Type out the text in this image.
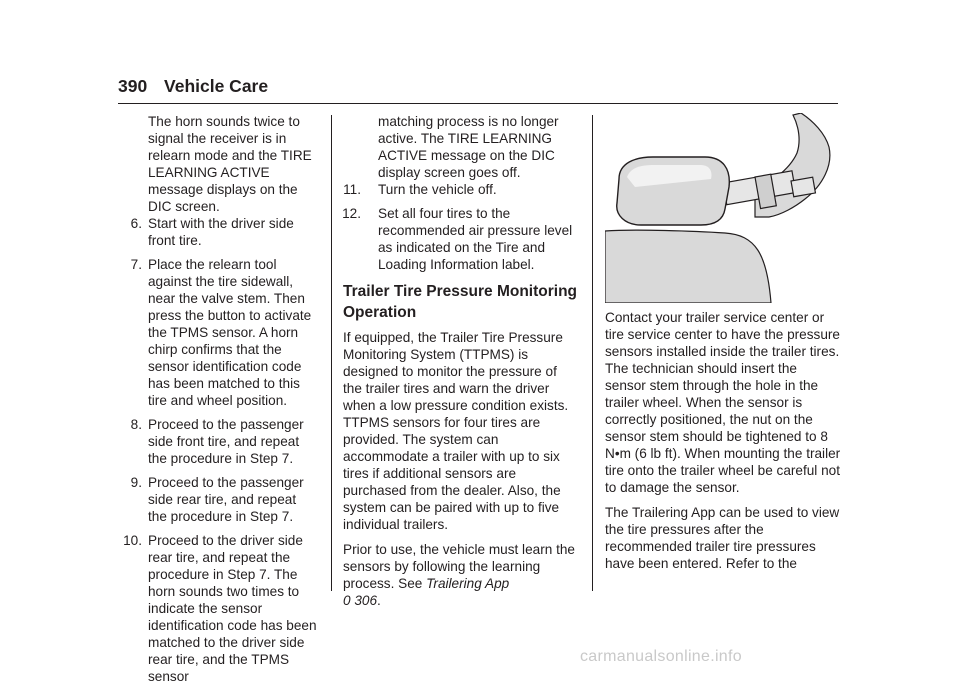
390 Vehicle Care

The horn sounds twice to signal the receiver is in relearn mode and the TIRE LEARNING ACTIVE message displays on the DIC screen.

6. Start with the driver side front tire.
7. Place the relearn tool against the tire sidewall, near the valve stem. Then press the button to activate the TPMS sensor. A horn chirp confirms that the sensor identification code has been matched to this tire and wheel position.
8. Proceed to the passenger side front tire, and repeat the procedure in Step 7.
9. Proceed to the passenger side rear tire, and repeat the procedure in Step 7.
10. Proceed to the driver side rear tire, and repeat the procedure in Step 7. The horn sounds two times to indicate the sensor identification code has been matched to the driver side rear tire, and the TPMS sensor

matching process is no longer active. The TIRE LEARNING ACTIVE message on the DIC display screen goes off.

11. Turn the vehicle off.
12. Set all four tires to the recommended air pressure level as indicated on the Tire and Loading Information label.

Trailer Tire Pressure Monitoring Operation

If equipped, the Trailer Tire Pressure Monitoring System (TTPMS) is designed to monitor the pressure of the trailer tires and warn the driver when a low pressure condition exists. TTPMS sensors for four tires are provided. The system can accommodate a trailer with up to six tires if additional sensors are purchased from the dealer. Also, the system can be paired with up to five individual trailers.

Prior to use, the vehicle must learn the sensors by following the learning process. See Trailering App
0 306.

Contact your trailer service center or tire service center to have the pressure sensors installed inside the trailer tires. The technician should insert the sensor stem through the hole in the trailer wheel. When the sensor is correctly positioned, the nut on the sensor stem should be tightened to 8 N•m (6 lb ft). When mounting the trailer tire onto the trailer wheel be careful not to damage the sensor.

The Trailering App can be used to view the tire pressures after the recommended trailer tire pressures have been entered. Refer to the

carmanualsonline.info
